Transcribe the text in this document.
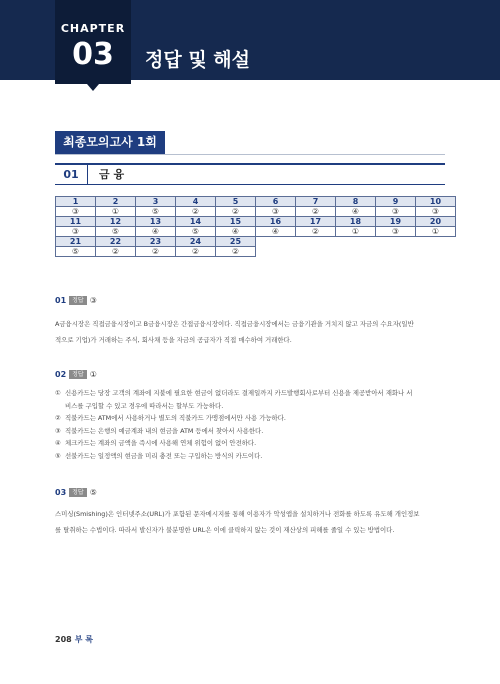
CHAPTER
03	정답 및 해설
최종모의고사 1회
01	금 융
1	2	3	4	5	6	7	8	9	10
③	①	⑤	②	②	③	②	④	③	③
11	12	13	14	15	16	17	18	19	20
③	⑤	④	⑤	④	④	②	①	③	①
21	22	23	24	25					
⑤	②	②	②	②					
01 정답 ③
A금융시장은 직접금융시장이고 B금융시장은 간접금융시장이다. 직접금융시장에서는 금융기관을 거치지 않고 자금의 수요자(일반
적으로 기업)가 거래하는 주식, 회사채 등을 자금의 공급자가 직접 매수하여 거래한다.
02 정답 ①
① 신용카드는 당장 고객의 계좌에 지불에 필요한 현금이 없더라도 결제일까지 카드발행회사로부터 신용을 제공받아서 재화나 서
비스를 구입할 수 있고 경우에 따라서는 할부도 가능하다.
② 직불카드는 ATM에서 사용하거나 별도의 직불카드 가맹점에서만 사용 가능하다.
③ 직불카드는 은행의 예금계좌 내의 현금을 ATM 등에서 찾아서 사용한다.
④ 체크카드는 계좌의 금액을 즉시에 사용해 연체 위험이 없어 안전하다.
⑤ 선불카드는 일정액의 현금을 미리 충전 또는 구입하는 방식의 카드이다.
03 정답 ⑤
스미싱(Smishing)은 인터넷주소(URL)가 포함된 문자메시지를 통해 이용자가 악성앱을 설치하거나 전화를 하도록 유도해 개인정보
를 탈취하는 수법이다. 따라서 발신자가 불분명한 URL은 이에 클릭하지 않는 것이 재산상의 피해를 줄일 수 있는 방법이다.
208 부 록
